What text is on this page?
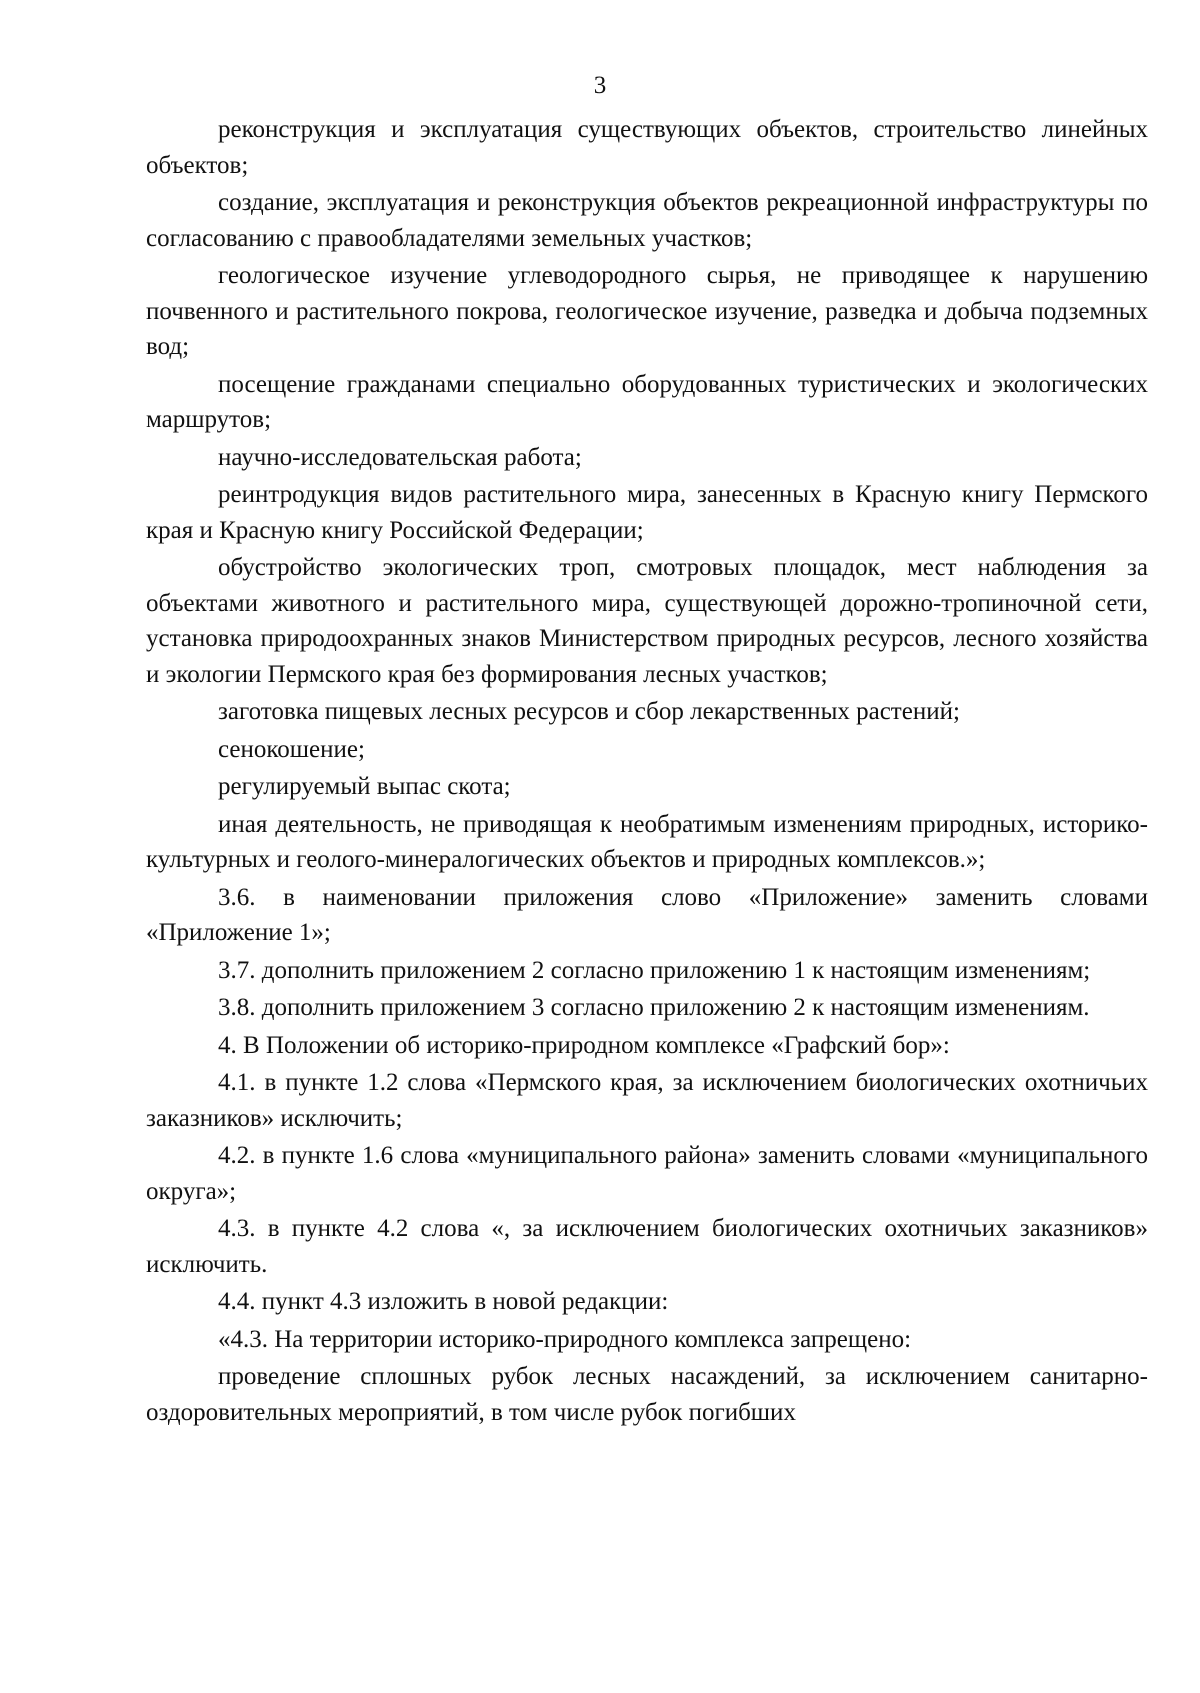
3

реконструкция и эксплуатация существующих объектов, строительство линейных объектов;

создание, эксплуатация и реконструкция объектов рекреационной инфраструктуры по согласованию с правообладателями земельных участков;

геологическое изучение углеводородного сырья, не приводящее к нарушению почвенного и растительного покрова, геологическое изучение, разведка и добыча подземных вод;

посещение гражданами специально оборудованных туристических и экологических маршрутов;

научно-исследовательская работа;

реинтродукция видов растительного мира, занесенных в Красную книгу Пермского края и Красную книгу Российской Федерации;

обустройство экологических троп, смотровых площадок, мест наблюдения за объектами животного и растительного мира, существующей дорожно-тропиночной сети, установка природоохранных знаков Министерством природных ресурсов, лесного хозяйства и экологии Пермского края без формирования лесных участков;

заготовка пищевых лесных ресурсов и сбор лекарственных растений;

сенокошение;

регулируемый выпас скота;

иная деятельность, не приводящая к необратимым изменениям природных, историко-культурных и геолого-минералогических объектов и природных комплексов.»;

3.6. в наименовании приложения слово «Приложение» заменить словами «Приложение 1»;

3.7. дополнить приложением 2 согласно приложению 1 к настоящим изменениям;

3.8. дополнить приложением 3 согласно приложению 2 к настоящим изменениям.

4. В Положении об историко-природном комплексе «Графский бор»:

4.1. в пункте 1.2 слова «Пермского края, за исключением биологических охотничьих заказников» исключить;

4.2. в пункте 1.6 слова «муниципального района» заменить словами «муниципального округа»;

4.3. в пункте 4.2 слова «, за исключением биологических охотничьих заказников» исключить.

4.4. пункт 4.3 изложить в новой редакции:

«4.3. На территории историко-природного комплекса запрещено:

проведение сплошных рубок лесных насаждений, за исключением санитарно-оздоровительных мероприятий, в том числе рубок погибших
